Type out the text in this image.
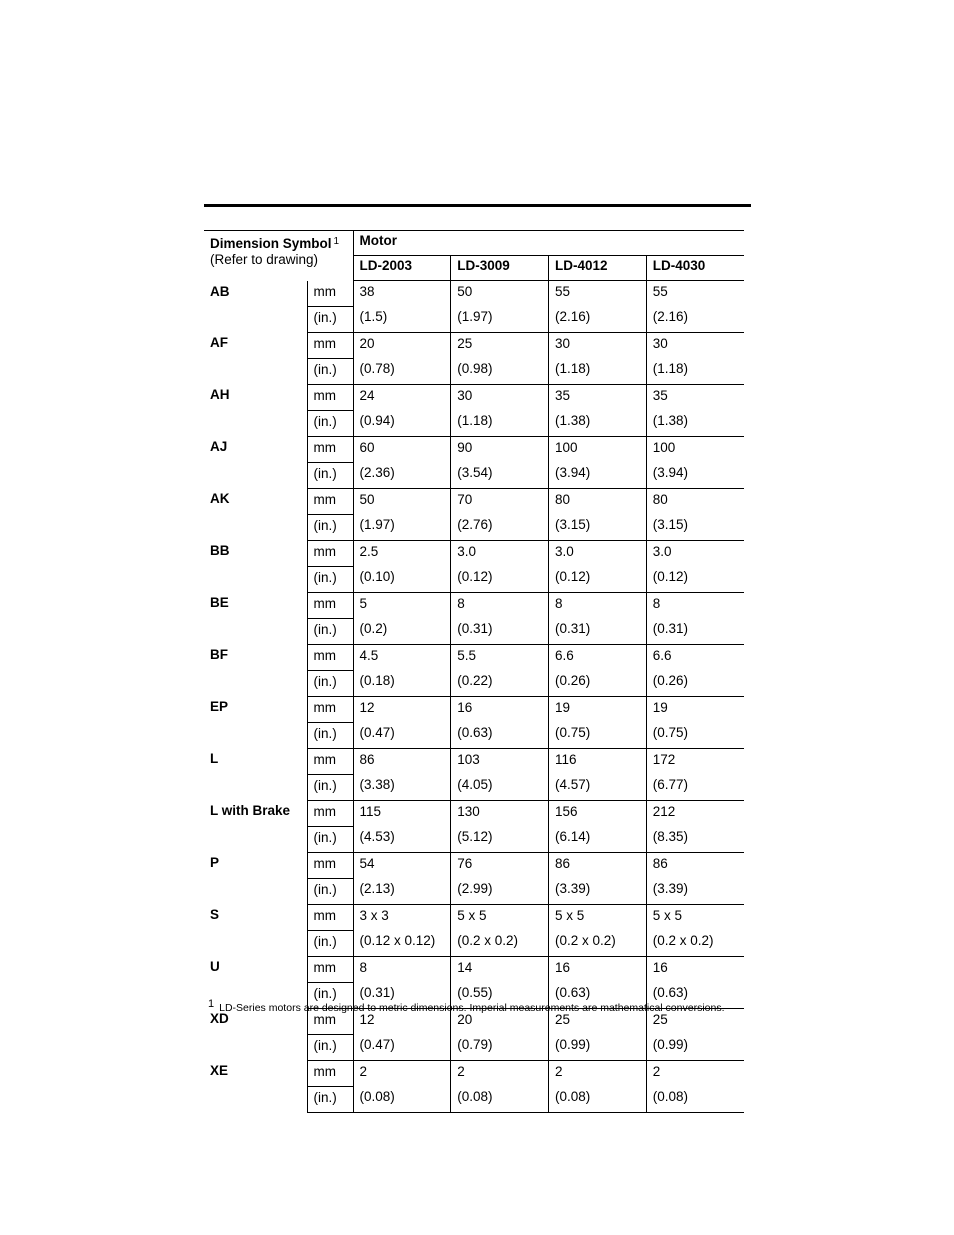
Dimension Symbol $^1$
(Refer to drawing)		Motor			
		LD-2003	LD-3009	LD-4012	LD-4030
AB	mm	38	50	55	55
	(in.)	(1.5)	(1.97)	(2.16)	(2.16)
AF	mm	20	25	30	30
	(in.)	(0.78)	(0.98)	(1.18)	(1.18)
AH	mm	24	30	35	35
	(in.)	(0.94)	(1.18)	(1.38)	(1.38)
AJ	mm	60	90	100	100
	(in.)	(2.36)	(3.54)	(3.94)	(3.94)
AK	mm	50	70	80	80
	(in.)	(1.97)	(2.76)	(3.15)	(3.15)
BB	mm	2.5	3.0	3.0	3.0
	(in.)	(0.10)	(0.12)	(0.12)	(0.12)
BE	mm	5	8	8	8
	(in.)	(0.2)	(0.31)	(0.31)	(0.31)
BF	mm	4.5	5.5	6.6	6.6
	(in.)	(0.18)	(0.22)	(0.26)	(0.26)
EP	mm	12	16	19	19
	(in.)	(0.47)	(0.63)	(0.75)	(0.75)
L	mm	86	103	116	172
	(in.)	(3.38)	(4.05)	(4.57)	(6.77)
L with Brake	mm	115	130	156	212
	(in.)	(4.53)	(5.12)	(6.14)	(8.35)
P	mm	54	76	86	86
	(in.)	(2.13)	(2.99)	(3.39)	(3.39)
S	mm	3 x 3	5 x 5	5 x 5	5 x 5
	(in.)	(0.12 x 0.12)	(0.2 x 0.2)	(0.2 x 0.2)	(0.2 x 0.2)
U	mm	8	14	16	16
	(in.)	(0.31)	(0.55)	(0.63)	(0.63)
XD	mm	12	20	25	25
	(in.)	(0.47)	(0.79)	(0.99)	(0.99)
XE	mm	2	2	2	2
	(in.)	(0.08)	(0.08)	(0.08)	(0.08)
1 LD-Series motors are designed to metric dimensions. Imperial measurements are mathematical conversions.
